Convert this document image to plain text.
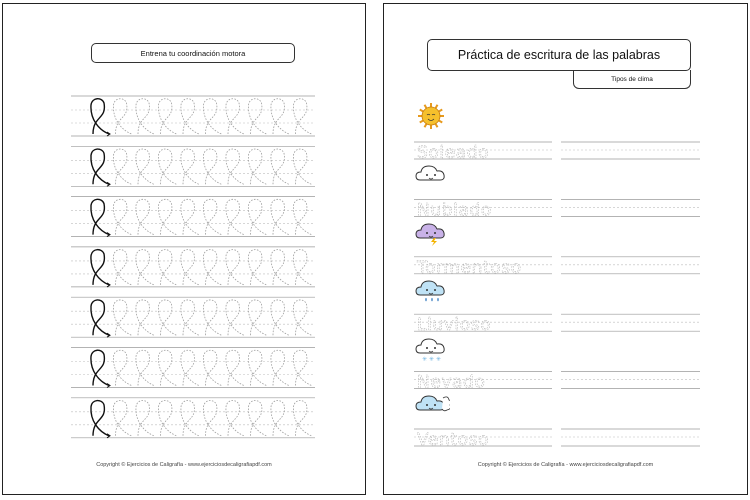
Entrena tu coordinación motora
Copyright © Ejercicios de Caligrafía - www.ejerciciosdecaligrafiapdf.com
Práctica de escritura de las palabras
Tipos de clima
Soleado
Nublado
Tormentoso
Lluvioso
Nevado
Ventoso
✳ ✳ ✳
Copyright © Ejercicios de Caligrafía - www.ejerciciosdecaligrafiapdf.com
